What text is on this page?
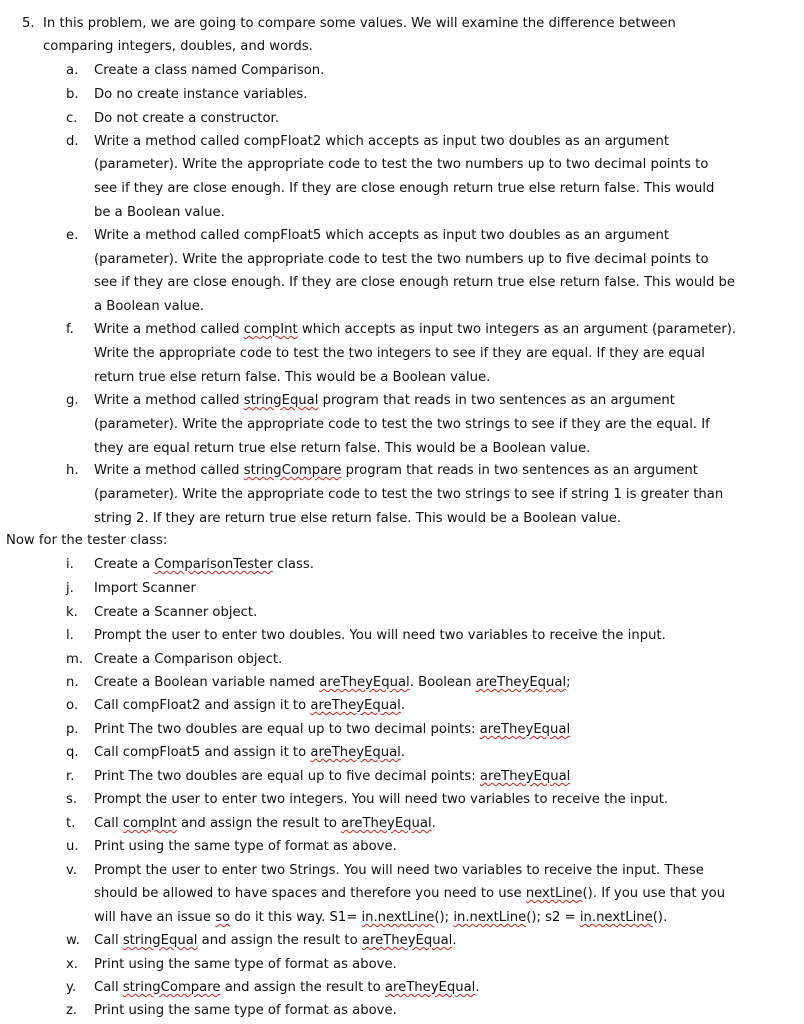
5. In this problem, we are going to compare some values. We will examine the difference between
comparing integers, doubles, and words.
a. Create a class named Comparison.
b. Do no create instance variables.
c. Do not create a constructor.
d. Write a method called compFloat2 which accepts as input two doubles as an argument
(parameter). Write the appropriate code to test the two numbers up to two decimal points to
see if they are close enough. If they are close enough return true else return false. This would
be a Boolean value.
e. Write a method called compFloat5 which accepts as input two doubles as an argument
(parameter). Write the appropriate code to test the two numbers up to five decimal points to
see if they are close enough. If they are close enough return true else return false. This would be
a Boolean value.
f. Write a method called compInt which accepts as input two integers as an argument (parameter).
Write the appropriate code to test the two integers to see if they are equal. If they are equal
return true else return false. This would be a Boolean value.
g. Write a method called stringEqual program that reads in two sentences as an argument
(parameter). Write the appropriate code to test the two strings to see if they are the equal. If
they are equal return true else return false. This would be a Boolean value.
h. Write a method called stringCompare program that reads in two sentences as an argument
(parameter). Write the appropriate code to test the two strings to see if string 1 is greater than
string 2. If they are return true else return false. This would be a Boolean value.
Now for the tester class:
i. Create a ComparisonTester class.
j. Import Scanner
k. Create a Scanner object.
l. Prompt the user to enter two doubles. You will need two variables to receive the input.
m. Create a Comparison object.
n. Create a Boolean variable named areTheyEqual. Boolean areTheyEqual;
o. Call compFloat2 and assign it to areTheyEqual.
p. Print The two doubles are equal up to two decimal points: areTheyEqual
q. Call compFloat5 and assign it to areTheyEqual.
r. Print The two doubles are equal up to five decimal points: areTheyEqual
s. Prompt the user to enter two integers. You will need two variables to receive the input.
t. Call compInt and assign the result to areTheyEqual.
u. Print using the same type of format as above.
v. Prompt the user to enter two Strings. You will need two variables to receive the input. These
should be allowed to have spaces and therefore you need to use nextLine(). If you use that you
will have an issue so do it this way. S1= in.nextLine(); in.nextLine(); s2 = in.nextLine().
w. Call stringEqual and assign the result to areTheyEqual.
x. Print using the same type of format as above.
y. Call stringCompare and assign the result to areTheyEqual.
z. Print using the same type of format as above.
